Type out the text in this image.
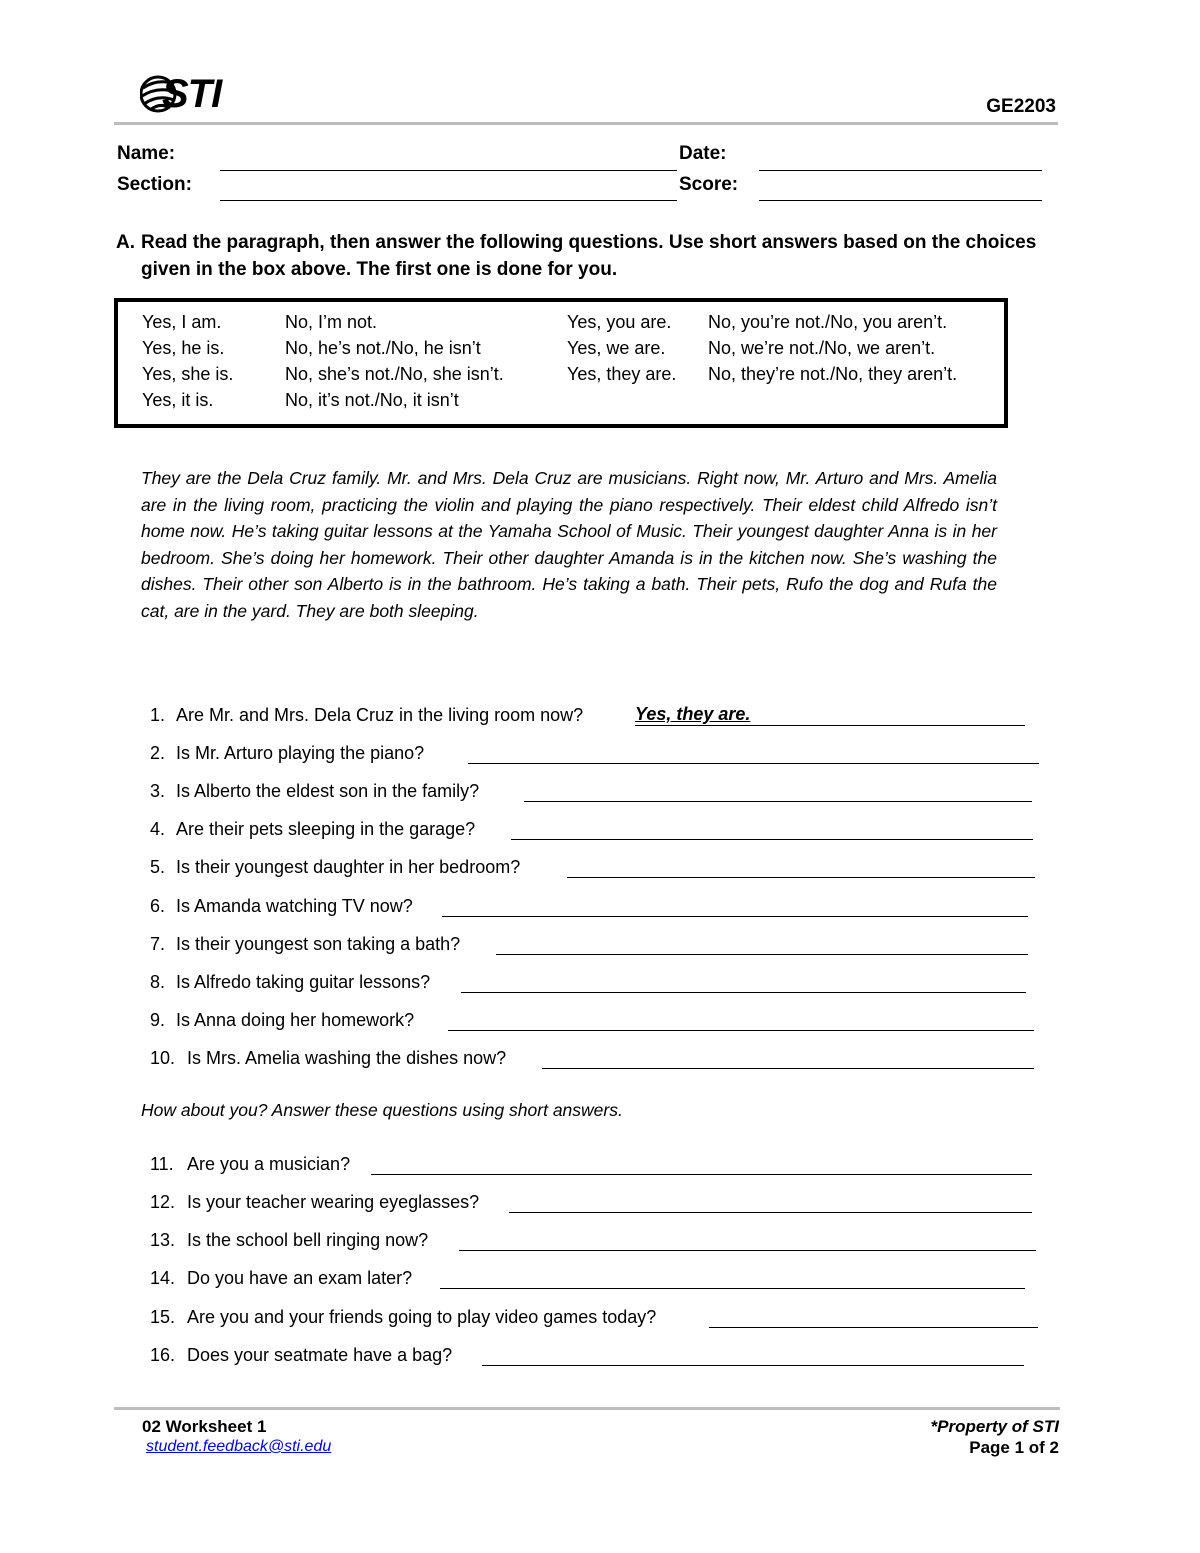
STI	GE2203
Name:	Date:
Section:	Score:
A. Read the paragraph, then answer the following questions. Use short answers based on the choices given in the box above. The first one is done for you.
Yes, I am.	No, I’m not.	Yes, you are.	No, you’re not./No, you aren’t.
Yes, he is.	No, he’s not./No, he isn’t	Yes, we are.	No, we’re not./No, we aren’t.
Yes, she is.	No, she’s not./No, she isn’t.	Yes, they are.	No, they’re not./No, they aren’t.
Yes, it is.	No, it’s not./No, it isn’t		
They are the Dela Cruz family. Mr. and Mrs. Dela Cruz are musicians. Right now, Mr. Arturo and Mrs. Amelia are in the living room, practicing the violin and playing the piano respectively. Their eldest child Alfredo isn’t home now. He’s taking guitar lessons at the Yamaha School of Music. Their youngest daughter Anna is in her bedroom. She’s doing her homework. Their other daughter Amanda is in the kitchen now. She’s washing the dishes. Their other son Alberto is in the bathroom. He’s taking a bath. Their pets, Rufo the dog and Rufa the cat, are in the yard. They are both sleeping.
1. Are Mr. and Mrs. Dela Cruz in the living room now?	Yes, they are.
2. Is Mr. Arturo playing the piano?
3. Is Alberto the eldest son in the family?
4. Are their pets sleeping in the garage?
5. Is their youngest daughter in her bedroom?
6. Is Amanda watching TV now?
7. Is their youngest son taking a bath?
8. Is Alfredo taking guitar lessons?
9. Is Anna doing her homework?
10. Is Mrs. Amelia washing the dishes now?
How about you? Answer these questions using short answers.
11. Are you a musician?
12. Is your teacher wearing eyeglasses?
13. Is the school bell ringing now?
14. Do you have an exam later?
15. Are you and your friends going to play video games today?
16. Does your seatmate have a bag?
02 Worksheet 1
student.feedback@sti.edu
*Property of STI
Page 1 of 2
